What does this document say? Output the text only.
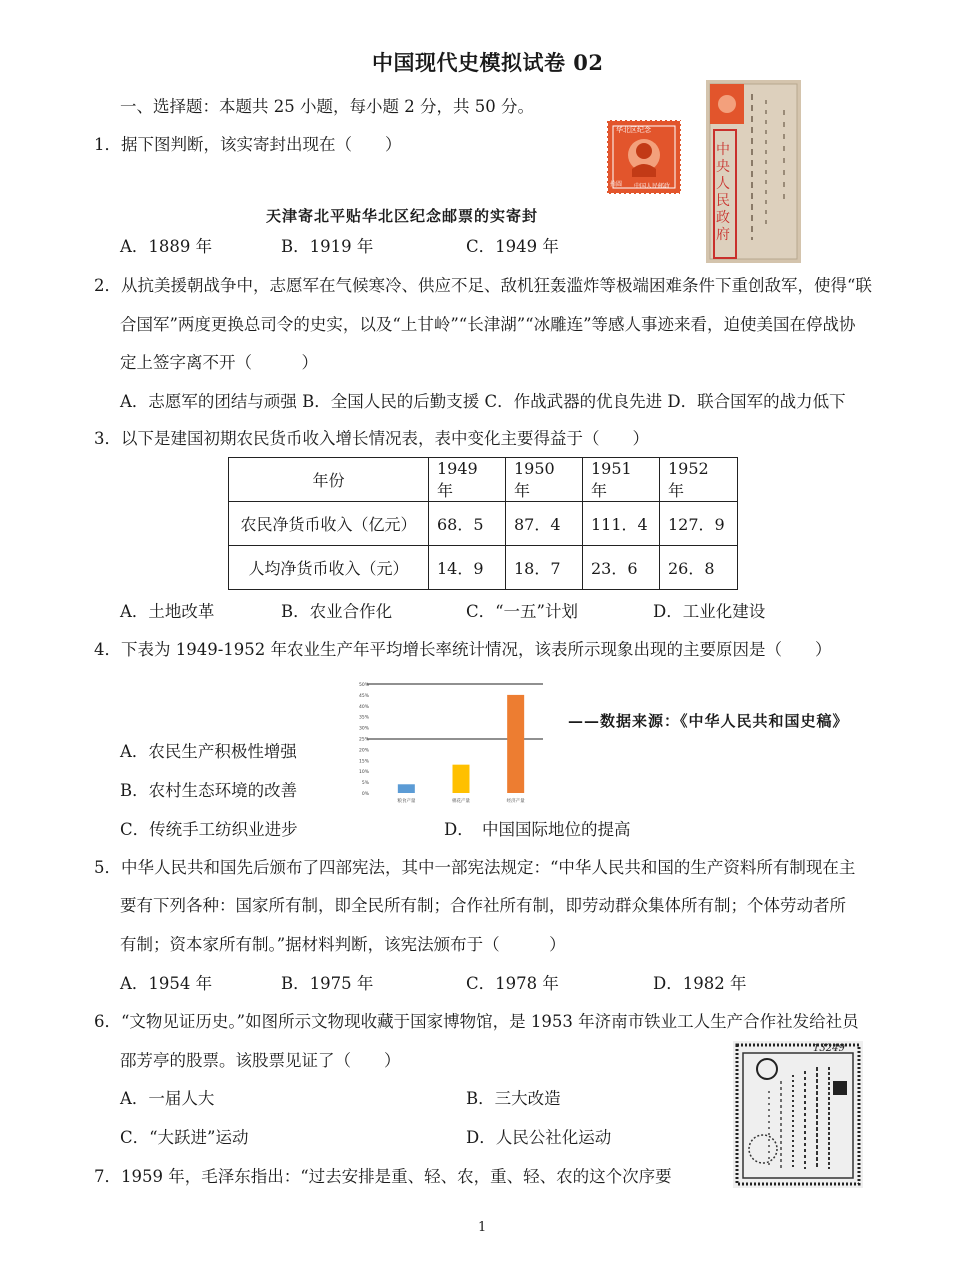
中国现代史模拟试卷 02
一、选择题：本题共 25 小题，每小题 2 分，共 50 分。
1．据下图判断，该实寄封出现在（　　）
华北区纪念
拾圆 中国人民邮政
中央人民政府
天津寄北平贴华北区纪念邮票的实寄封
A．1889 年	B．1919 年	C．1949 年
2．从抗美援朝战争中，志愿军在气候寒冷、供应不足、敌机狂轰滥炸等极端困难条件下重创敌军，使得“联
合国军”两度更换总司令的史实，以及“上甘岭”“长津湖”“冰雕连”等感人事迹来看，迫使美国在停战协
定上签字离不开（　　　）
A．志愿军的团结与顽强 B．全国人民的后勤支援 C．作战武器的优良先进 D．联合国军的战力低下
3．以下是建国初期农民货币收入增长情况表，表中变化主要得益于（　　）
年份	1949 年	1950 年	1951 年	1952 年
农民净货币收入（亿元）	68．5	87．4	111．4	127．9
人均净货币收入（元）	14．9	18．7	23．6	26．8
A．土地改革	B．农业合作化	C．“一五”计划	D．工业化建设
4．下表为 1949-1952 年农业生产年平均增长率统计情况，该表所示现象出现的主要原因是（　　）
0%
5%
10%
15%
20%
25%
30%
35%
40%
45%
50%
粮食产量	棉花产量	经济产量
——数据来源：《中华人民共和国史稿》
A．农民生产积极性增强
B．农村生态环境的改善
C．传统手工纺织业进步	D．　中国国际地位的提高
5．中华人民共和国先后颁布了四部宪法，其中一部宪法规定：“中华人民共和国的生产资料所有制现在主
要有下列各种：国家所有制，即全民所有制；合作社所有制，即劳动群众集体所有制；个体劳动者所
有制；资本家所有制。”据材料判断，该宪法颁布于（　　　）
A．1954 年	B．1975 年	C．1978 年	D．1982 年
6．“文物见证历史。”如图所示文物现收藏于国家博物馆，是 1953 年济南市铁业工人生产合作社发给社员
邵芳亭的股票。该股票见证了（　　）
A．一届人大	B．三大改造
C．“大跃进”运动	D．人民公社化运动
13249
7．1959 年，毛泽东指出：“过去安排是重、轻、农，重、轻、农的这个次序要
1
